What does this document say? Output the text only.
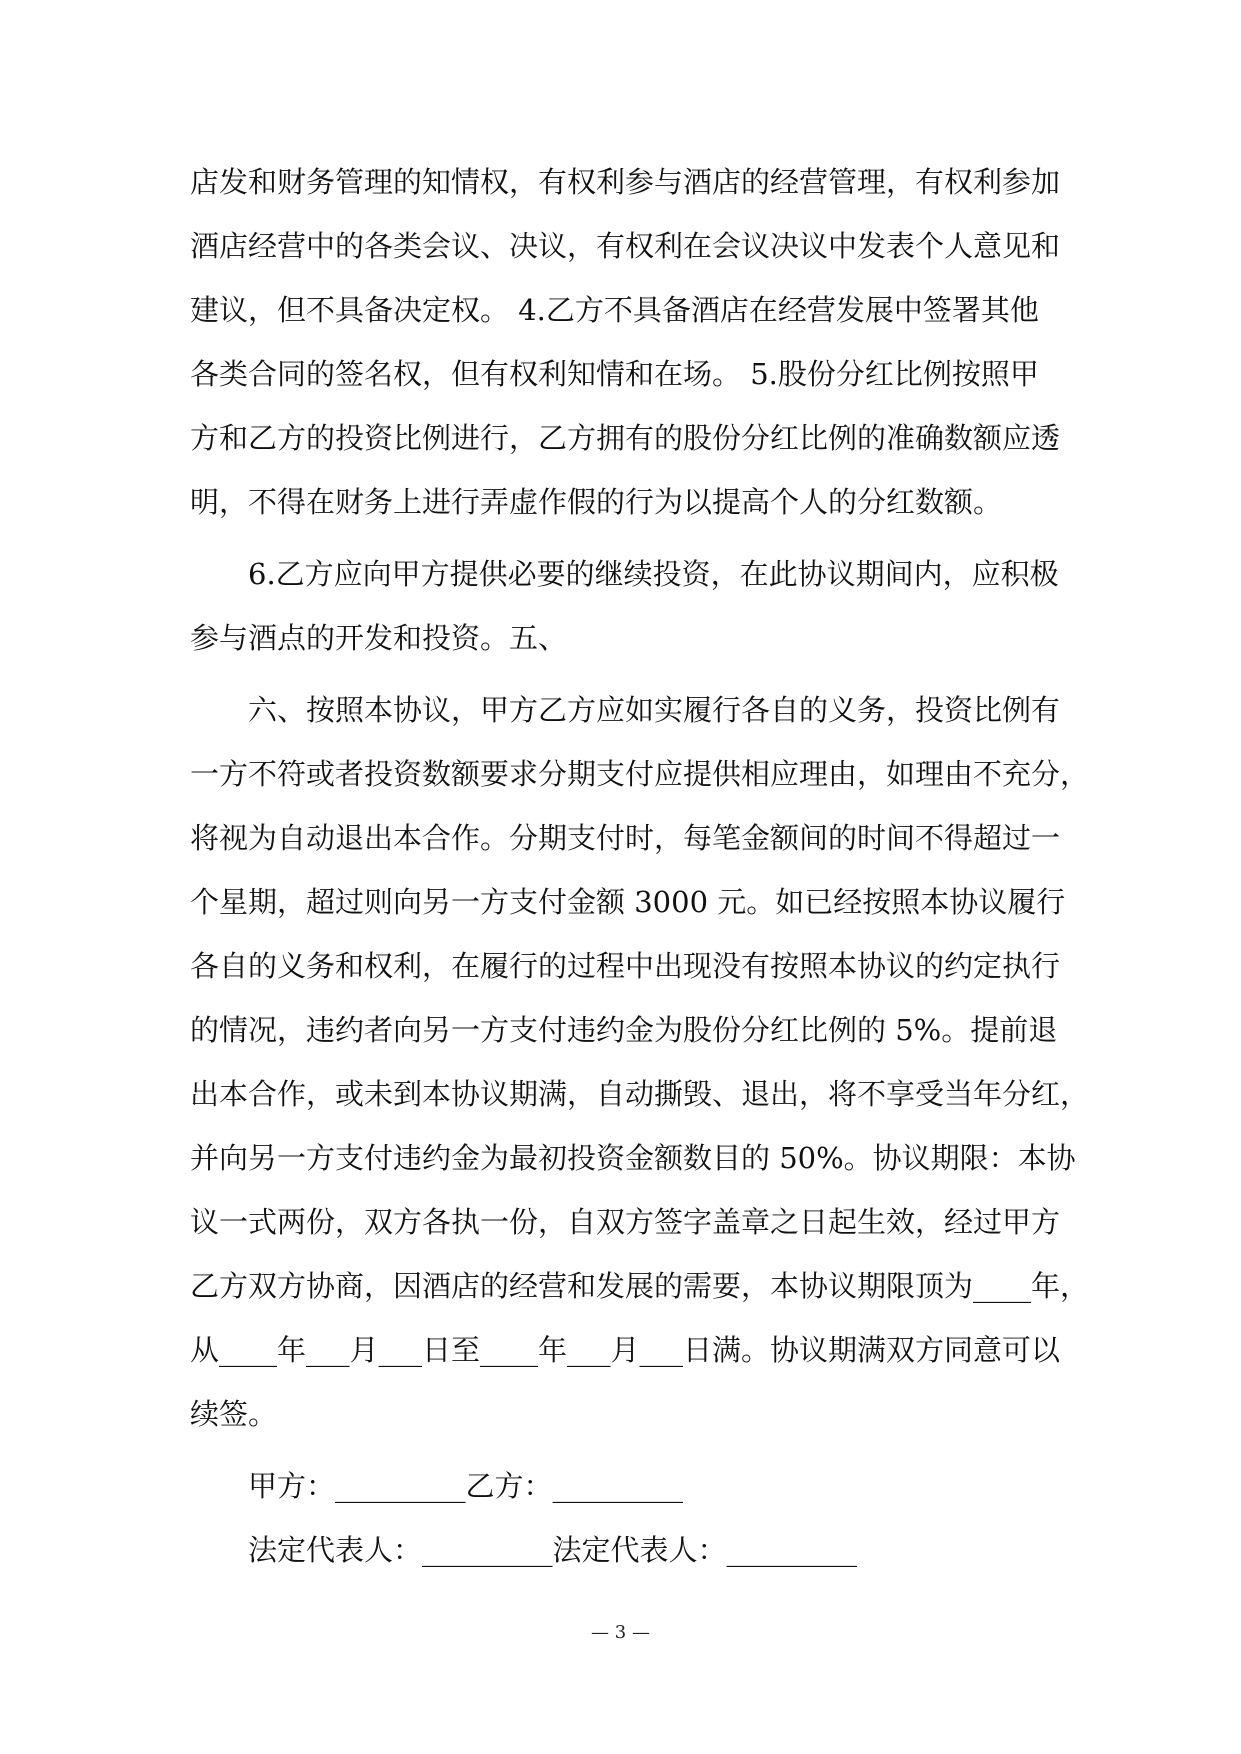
店发和财务管理的知情权，有权利参与酒店的经营管理，有权利参加
酒店经营中的各类会议、决议，有权利在会议决议中发表个人意见和
建议，但不具备决定权。 4.乙方不具备酒店在经营发展中签署其他
各类合同的签名权，但有权利知情和在场。 5.股份分红比例按照甲
方和乙方的投资比例进行，乙方拥有的股份分红比例的准确数额应透
明，不得在财务上进行弄虚作假的行为以提高个人的分红数额。
6.乙方应向甲方提供必要的继续投资，在此协议期间内，应积极
参与酒点的开发和投资。五、
六、按照本协议，甲方乙方应如实履行各自的义务，投资比例有
一方不符或者投资数额要求分期支付应提供相应理由，如理由不充分，
将视为自动退出本合作。分期支付时，每笔金额间的时间不得超过一
个星期，超过则向另一方支付金额 3000 元。如已经按照本协议履行
各自的义务和权利，在履行的过程中出现没有按照本协议的约定执行
的情况，违约者向另一方支付违约金为股份分红比例的 5%。提前退
出本合作，或未到本协议期满，自动撕毁、退出，将不享受当年分红，
并向另一方支付违约金为最初投资金额数目的 50%。协议期限：本协
议一式两份，双方各执一份，自双方签字盖章之日起生效，经过甲方
乙方双方协商，因酒店的经营和发展的需要，本协议期限顶为____年，
从____年___月___日至____年___月___日满。协议期满双方同意可以
续签。
甲方：_________乙方：_________
法定代表人：_________法定代表人：_________
— 3 —
